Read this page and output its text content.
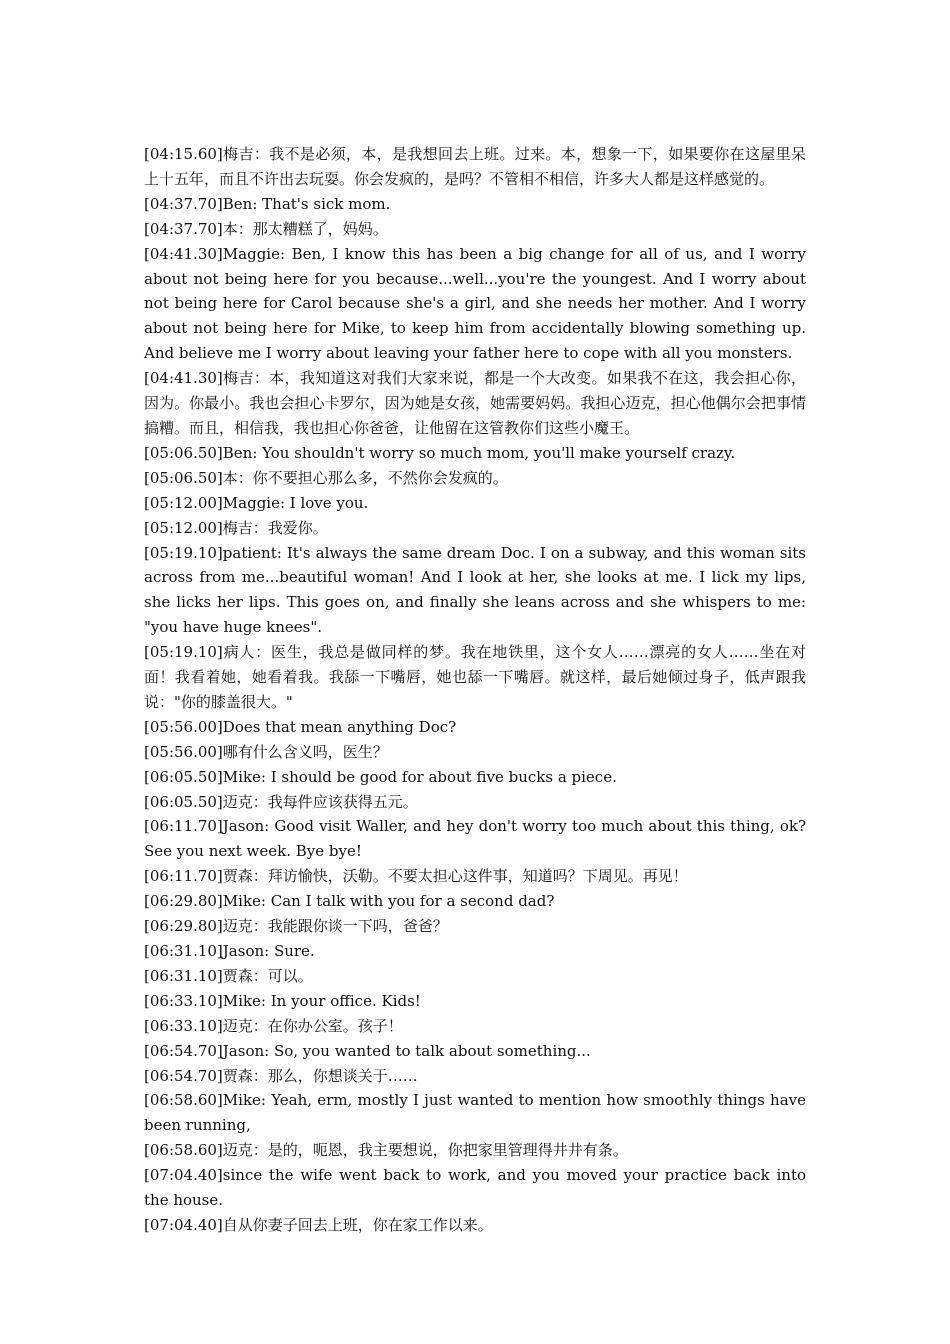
[04:15.60]梅吉：我不是必须，本，是我想回去上班。过来。本，想象一下，如果要你在这屋里呆上十五年，而且不许出去玩耍。你会发疯的，是吗？不管相不相信，许多大人都是这样感觉的。

[04:37.70]Ben: That's sick mom.

[04:37.70]本：那太糟糕了，妈妈。

[04:41.30]Maggie: Ben, I know this has been a big change for all of us, and I worry about not being here for you because...well...you're the youngest. And I worry about not being here for Carol because she's a girl, and she needs her mother. And I worry about not being here for Mike, to keep him from accidentally blowing something up. And believe me I worry about leaving your father here to cope with all you monsters.

[04:41.30]梅吉：本，我知道这对我们大家来说，都是一个大改变。如果我不在这，我会担心你，因为。你最小。我也会担心卡罗尔，因为她是女孩，她需要妈妈。我担心迈克，担心他偶尔会把事情搞糟。而且，相信我，我也担心你爸爸，让他留在这管教你们这些小魔王。

[05:06.50]Ben: You shouldn't worry so much mom, you'll make yourself crazy.

[05:06.50]本：你不要担心那么多，不然你会发疯的。

[05:12.00]Maggie: I love you.

[05:12.00]梅吉：我爱你。

[05:19.10]patient: It's always the same dream Doc. I on a subway, and this woman sits across from me...beautiful woman! And I look at her, she looks at me. I lick my lips, she licks her lips. This goes on, and finally she leans across and she whispers to me: "you have huge knees".

[05:19.10]病人：医生，我总是做同样的梦。我在地铁里，这个女人……漂亮的女人……坐在对面！我看着她，她看着我。我舔一下嘴唇，她也舔一下嘴唇。就这样，最后她倾过身子，低声跟我说："你的膝盖很大。"

[05:56.00]Does that mean anything Doc?

[05:56.00]哪有什么含义吗，医生？

[06:05.50]Mike: I should be good for about five bucks a piece.

[06:05.50]迈克：我每件应该获得五元。

[06:11.70]Jason: Good visit Waller, and hey don't worry too much about this thing, ok? See you next week. Bye bye!

[06:11.70]贾森：拜访愉快，沃勒。不要太担心这件事，知道吗？下周见。再见！

[06:29.80]Mike: Can I talk with you for a second dad?

[06:29.80]迈克：我能跟你谈一下吗，爸爸？

[06:31.10]Jason: Sure.

[06:31.10]贾森：可以。

[06:33.10]Mike: In your office. Kids!

[06:33.10]迈克：在你办公室。孩子！

[06:54.70]Jason: So, you wanted to talk about something...

[06:54.70]贾森：那么，你想谈关于……

[06:58.60]Mike: Yeah, erm, mostly I just wanted to mention how smoothly things have been running,

[06:58.60]迈克：是的，呃恩，我主要想说，你把家里管理得井井有条。

[07:04.40]since the wife went back to work, and you moved your practice back into the house.

[07:04.40]自从你妻子回去上班，你在家工作以来。
